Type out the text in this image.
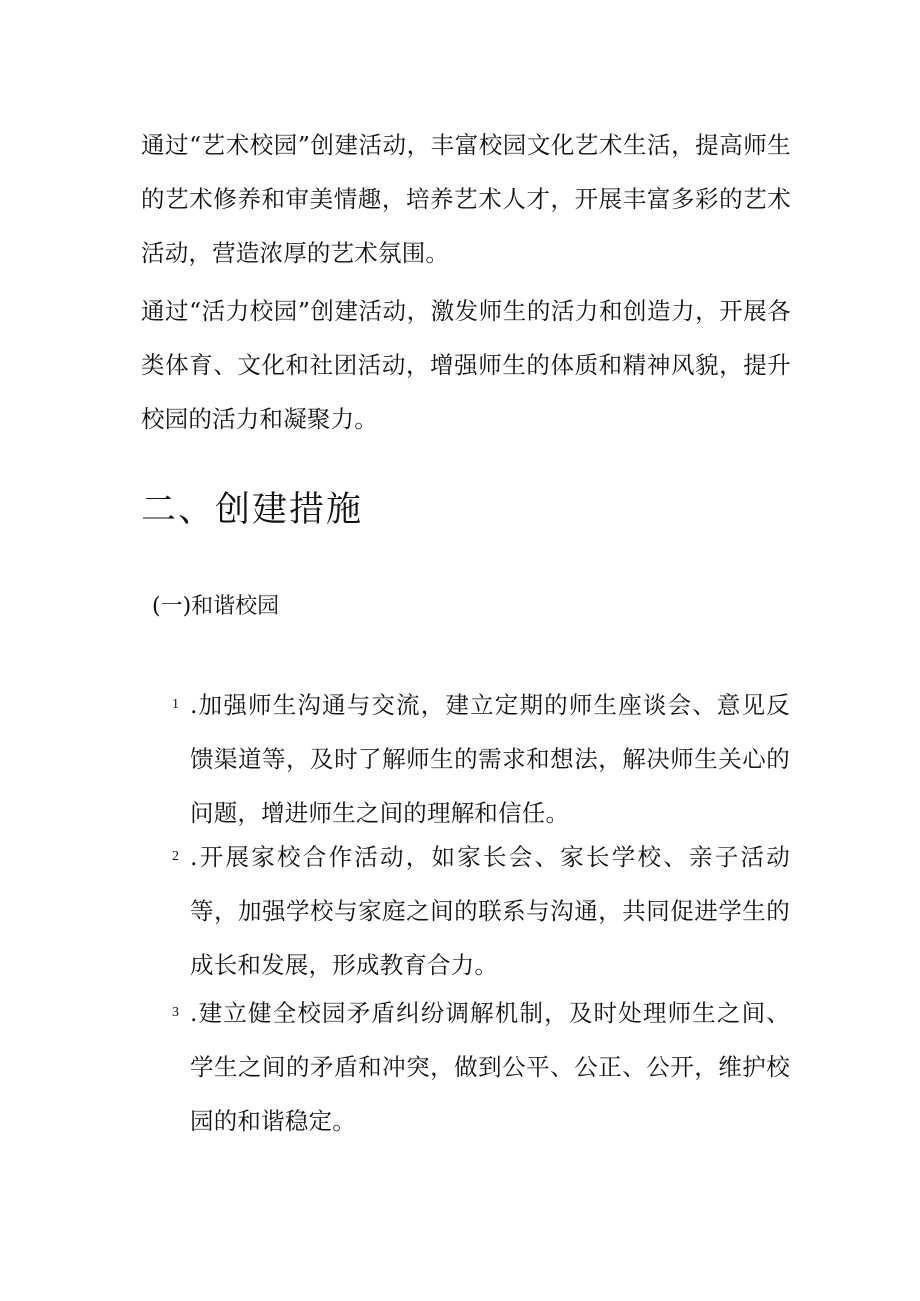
通过“艺术校园”创建活动，丰富校园文化艺术生活，提高师生的艺术修养和审美情趣，培养艺术人才，开展丰富多彩的艺术活动，营造浓厚的艺术氛围。

通过“活力校园”创建活动，激发师生的活力和创造力，开展各类体育、文化和社团活动，增强师生的体质和精神风貌，提升校园的活力和凝聚力。

二、创建措施
(一)和谐校园
1 .加强师生沟通与交流，建立定期的师生座谈会、意见反馈渠道等，及时了解师生的需求和想法，解决师生关心的问题，增进师生之间的理解和信任。
2 .开展家校合作活动，如家长会、家长学校、亲子活动等，加强学校与家庭之间的联系与沟通，共同促进学生的成长和发展，形成教育合力。
3 .建立健全校园矛盾纠纷调解机制，及时处理师生之间、学生之间的矛盾和冲突，做到公平、公正、公开，维护校园的和谐稳定。
